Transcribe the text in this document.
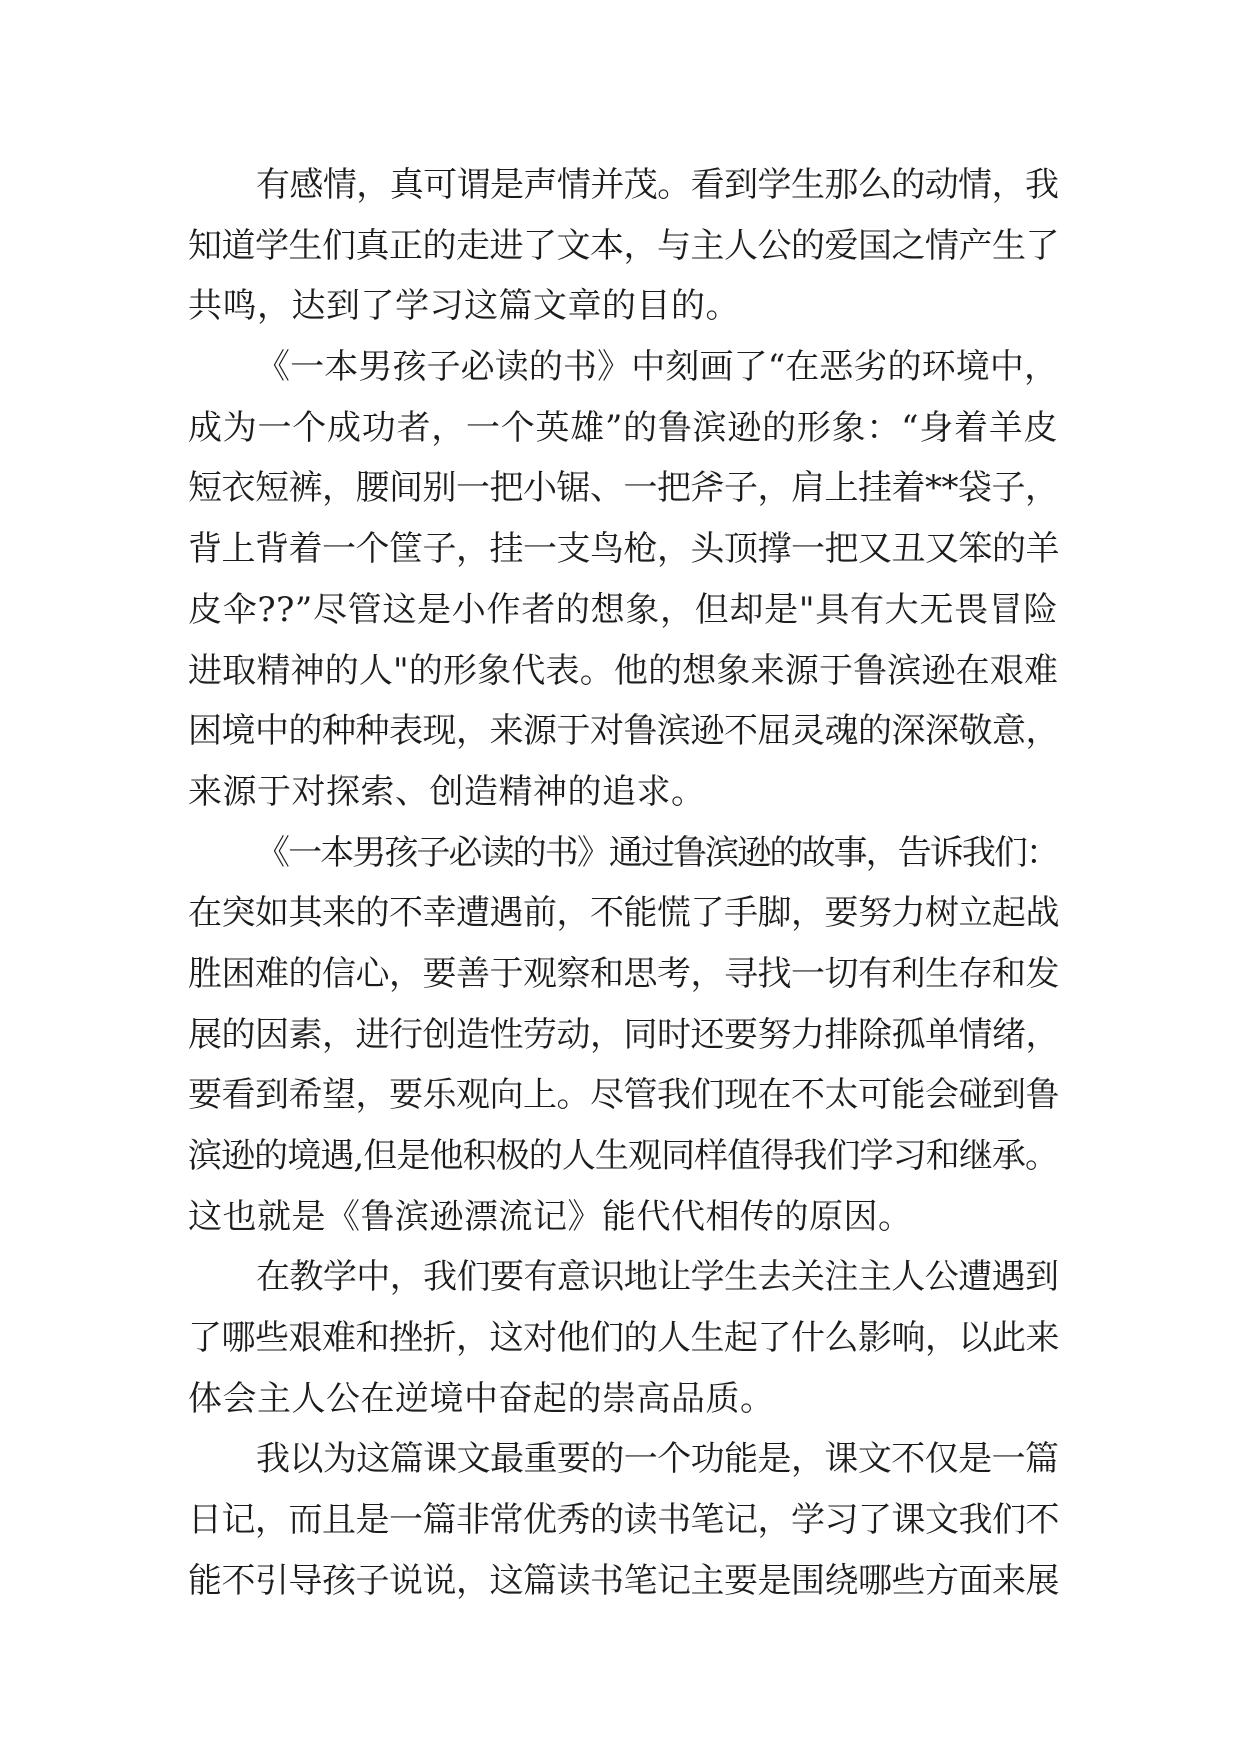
有感情，真可谓是声情并茂。看到学生那么的动情，我
知道学生们真正的走进了文本，与主人公的爱国之情产生了
共鸣，达到了学习这篇文章的目的。
《一本男孩子必读的书》中刻画了“在恶劣的环境中，
成为一个成功者，一个英雄”的鲁滨逊的形象：“身着羊皮
短衣短裤，腰间别一把小锯、一把斧子，肩上挂着**袋子，
背上背着一个筐子，挂一支鸟枪，头顶撑一把又丑又笨的羊
皮伞??”尽管这是小作者的想象，但却是"具有大无畏冒险
进取精神的人"的形象代表。他的想象来源于鲁滨逊在艰难
困境中的种种表现，来源于对鲁滨逊不屈灵魂的深深敬意，
来源于对探索、创造精神的追求。
《一本男孩子必读的书》通过鲁滨逊的故事，告诉我们：
在突如其来的不幸遭遇前，不能慌了手脚，要努力树立起战
胜困难的信心，要善于观察和思考，寻找一切有利生存和发
展的因素，进行创造性劳动，同时还要努力排除孤单情绪，
要看到希望，要乐观向上。尽管我们现在不太可能会碰到鲁
滨逊的境遇,但是他积极的人生观同样值得我们学习和继承。
这也就是《鲁滨逊漂流记》能代代相传的原因。
在教学中，我们要有意识地让学生去关注主人公遭遇到
了哪些艰难和挫折，这对他们的人生起了什么影响，以此来
体会主人公在逆境中奋起的崇高品质。
我以为这篇课文最重要的一个功能是，课文不仅是一篇
日记，而且是一篇非常优秀的读书笔记，学习了课文我们不
能不引导孩子说说，这篇读书笔记主要是围绕哪些方面来展
